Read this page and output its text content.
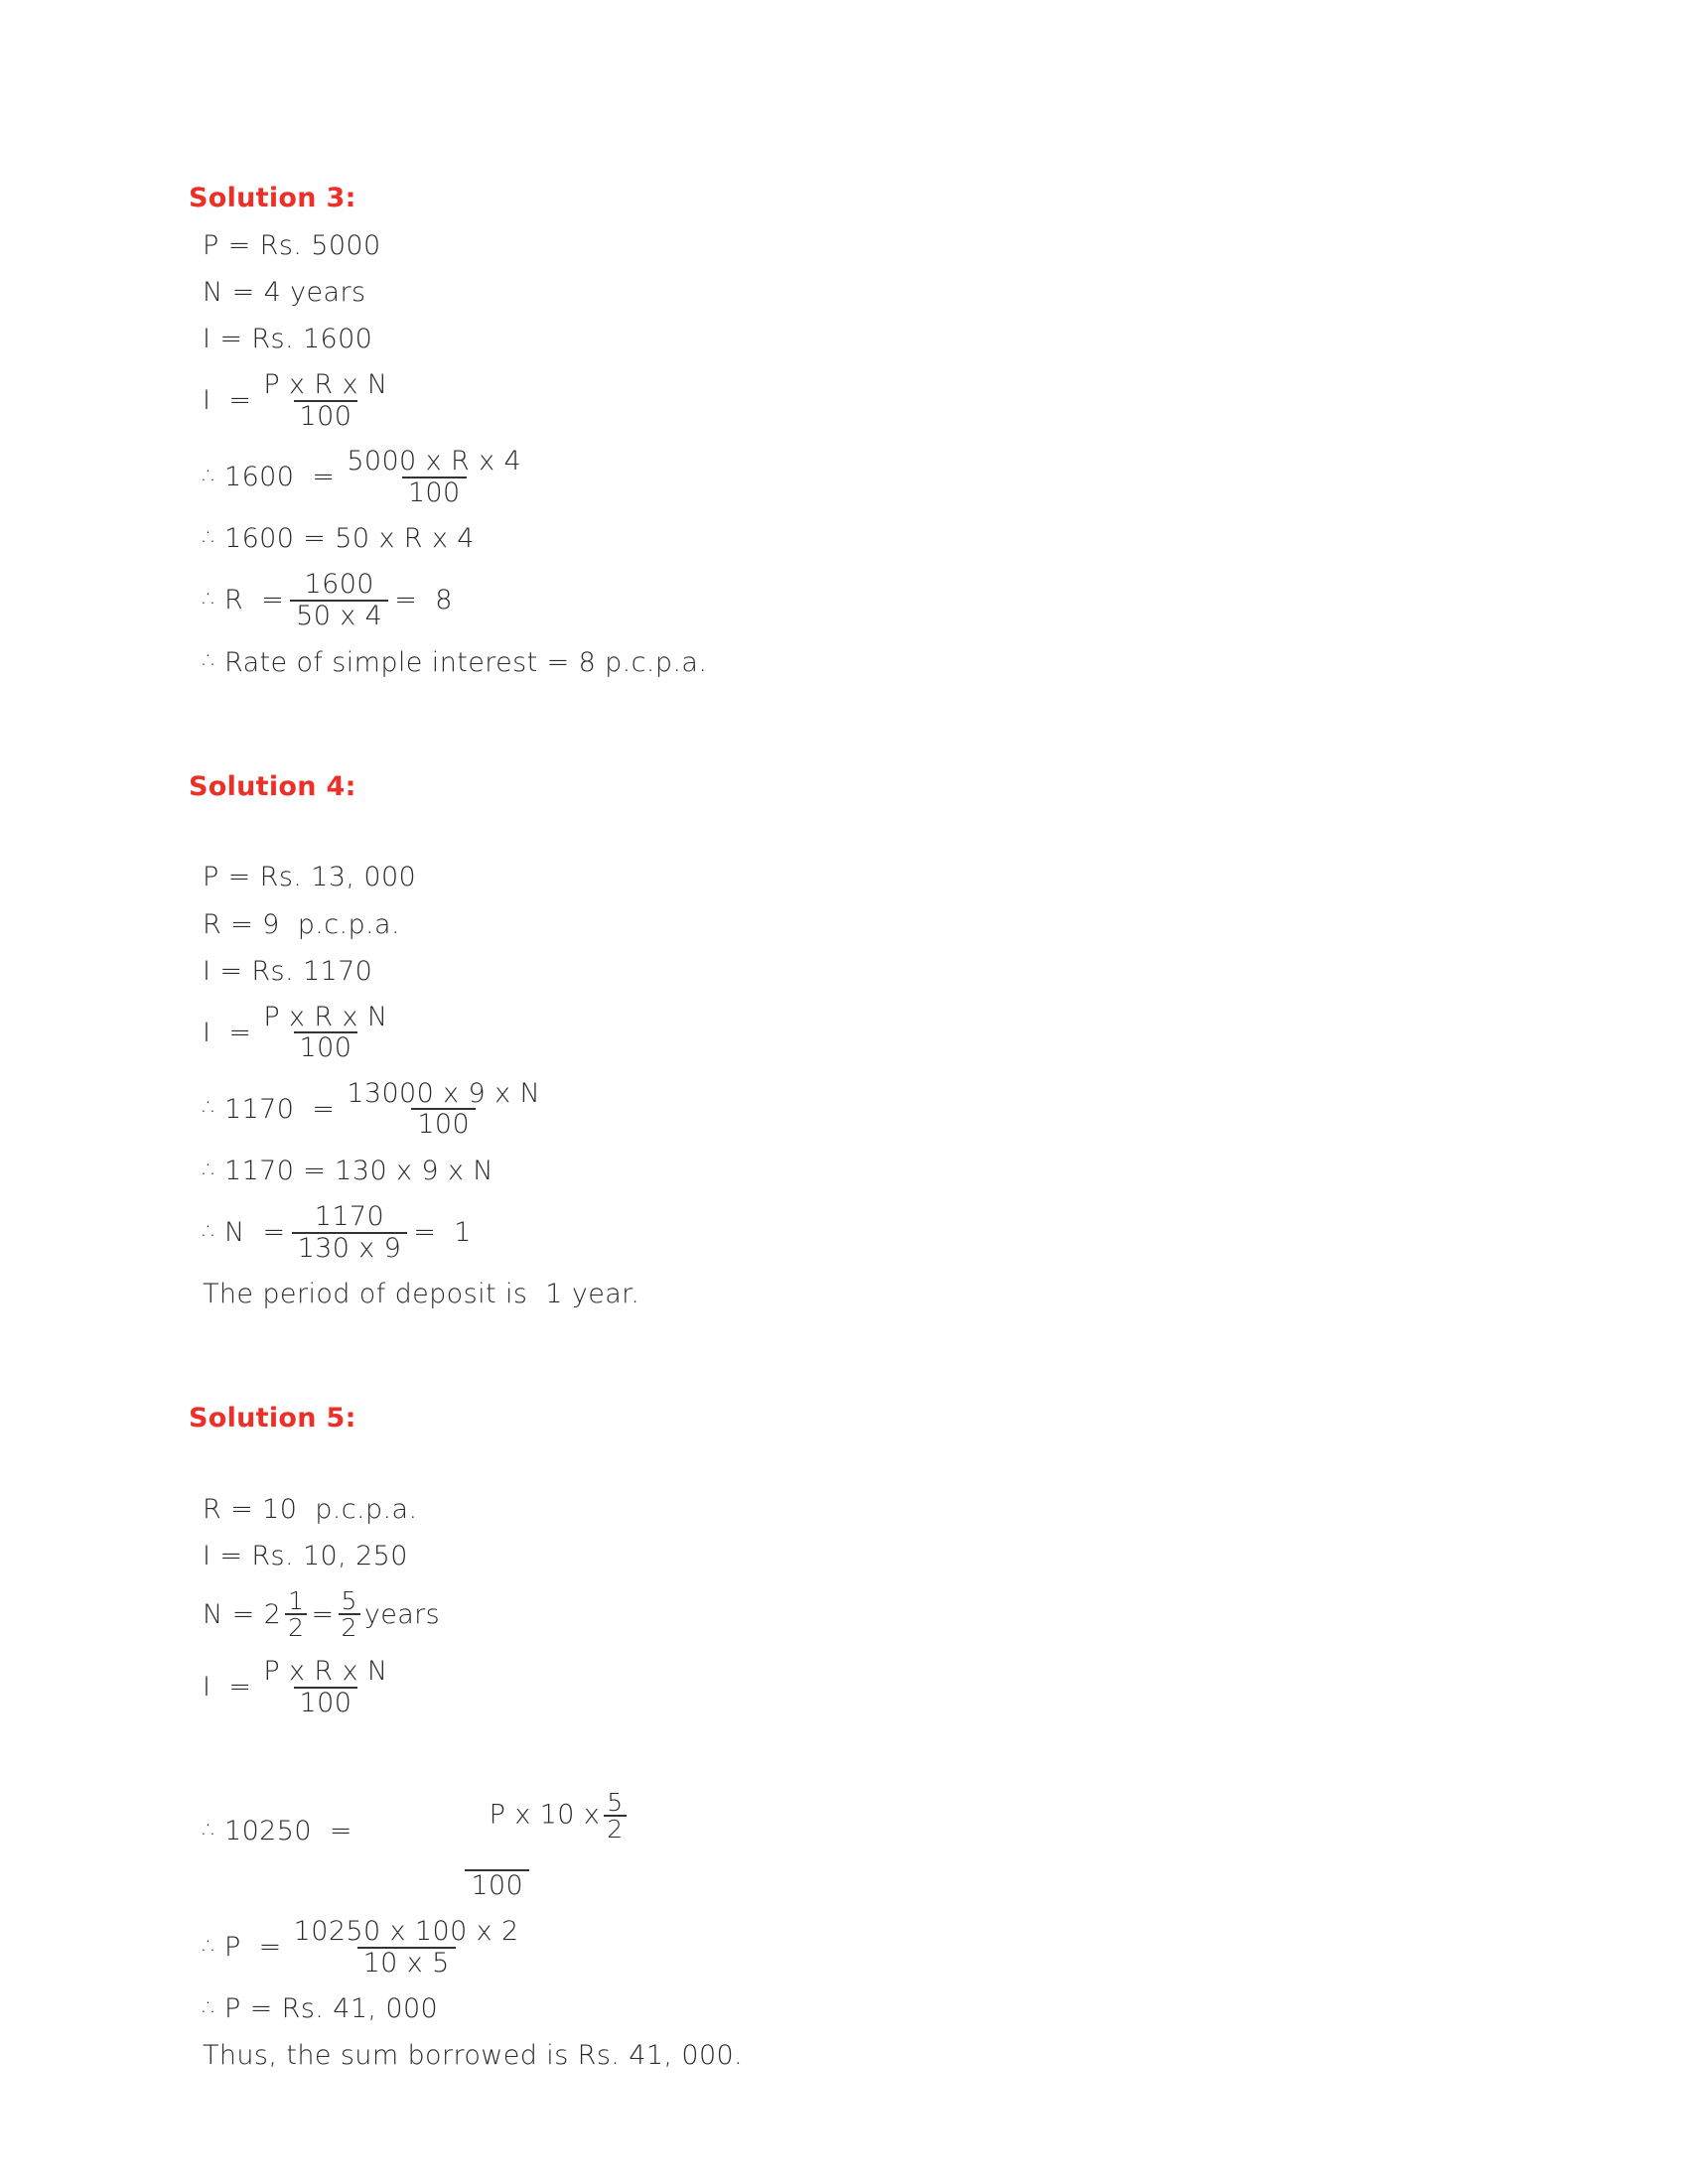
Solution 3:
P = Rs. 5000
N = 4 years
I = Rs. 1600
$I = \frac{\text{P x R x N}}{100}$
∴ $1600 = \frac{\text{5000 x R x 4}}{100}$
∴ 1600 = 50 x R x 4
∴ $R = \frac{1600}{50 x 4} = 8$
∴ Rate of simple interest = 8 p.c.p.a.
Solution 4:
P = Rs. 13, 000
R = 9  p.c.p.a.
I = Rs. 1170
$I = \frac{\text{P x R x N}}{100}$
∴ $1170 = \frac{\text{13000 x 9 x N}}{100}$
∴ 1170 = 130 x 9 x N
∴ $N = \frac{1170}{130 x 9} = 1$
The period of deposit is  1 year.
Solution 5:
R = 10  p.c.p.a.
I = Rs. 10, 250
$N = 2 \frac{1}{2} = \frac{5}{2}$ years
$I = \frac{\text{P x R x N}}{100}$
∴ $10250 = \frac{P x 10 x \frac{5}{2}}{100}$
∴ $P = \frac{10250 x 100 x 2}{10 x 5}$
∴ P = Rs. 41, 000
Thus, the sum borrowed is Rs. 41, 000.
